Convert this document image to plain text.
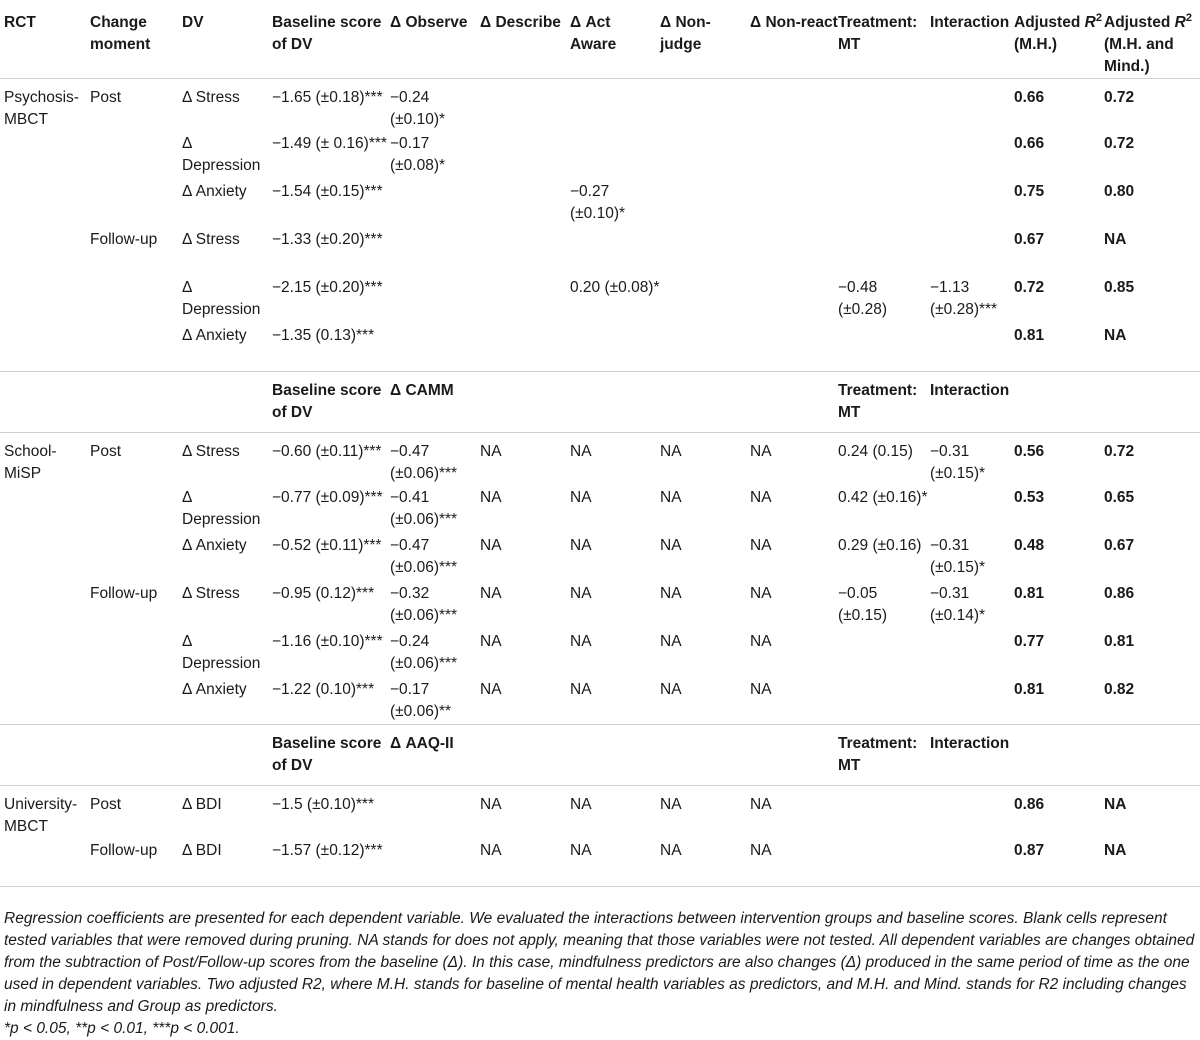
RCT	Change moment	DV	Baseline score of DV	Δ Observe	Δ Describe	Δ Act Aware	Δ Non-judge	Δ Non-react	Treatment: MT	Interaction	Adjusted $R^2$ (M.H.)	Adjusted $R^2$ (M.H. and Mind.)
Psychosis-MBCT	Post	Δ Stress	−1.65 (±0.18)***	−0.24 (±0.10)*							0.66	0.72
		Δ Depression	−1.49 (± 0.16)***	−0.17 (±0.08)*							0.66	0.72
		Δ Anxiety	−1.54 (±0.15)***			−0.27 (±0.10)*					0.75	0.80
	Follow-up	Δ Stress	−1.33 (±0.20)***								0.67	NA
		Δ Depression	−2.15 (±0.20)***			0.20 (±0.08)*			−0.48 (±0.28)	−1.13 (±0.28)***	0.72	0.85
		Δ Anxiety	−1.35 (0.13)***								0.81	NA
			Baseline score of DV	Δ CAMM					Treatment: MT	Interaction		
School-MiSP	Post	Δ Stress	−0.60 (±0.11)***	−0.47 (±0.06)***	NA	NA	NA	NA	0.24 (0.15)	−0.31 (±0.15)*	0.56	0.72
		Δ Depression	−0.77 (±0.09)***	−0.41 (±0.06)***	NA	NA	NA	NA	0.42 (±0.16)*		0.53	0.65
		Δ Anxiety	−0.52 (±0.11)***	−0.47 (±0.06)***	NA	NA	NA	NA	0.29 (±0.16)	−0.31 (±0.15)*	0.48	0.67
	Follow-up	Δ Stress	−0.95 (0.12)***	−0.32 (±0.06)***	NA	NA	NA	NA	−0.05 (±0.15)	−0.31 (±0.14)*	0.81	0.86
		Δ Depression	−1.16 (±0.10)***	−0.24 (±0.06)***	NA	NA	NA	NA			0.77	0.81
		Δ Anxiety	−1.22 (0.10)***	−0.17 (±0.06)**	NA	NA	NA	NA			0.81	0.82
			Baseline score of DV	Δ AAQ-II					Treatment: MT	Interaction		
University-MBCT	Post	Δ BDI	−1.5 (±0.10)***		NA	NA	NA	NA			0.86	NA
	Follow-up	Δ BDI	−1.57 (±0.12)***		NA	NA	NA	NA			0.87	NA

Regression coefficients are presented for each dependent variable. We evaluated the interactions between intervention groups and baseline scores. Blank cells represent tested variables that were removed during pruning. NA stands for does not apply, meaning that those variables were not tested. All dependent variables are changes obtained from the subtraction of Post/Follow-up scores from the baseline (Δ). In this case, mindfulness predictors are also changes (Δ) produced in the same period of time as the one used in dependent variables. Two adjusted R2, where M.H. stands for baseline of mental health variables as predictors, and M.H. and Mind. stands for R2 including changes in mindfulness and Group as predictors.

*p < 0.05, **p < 0.01, ***p < 0.001.
